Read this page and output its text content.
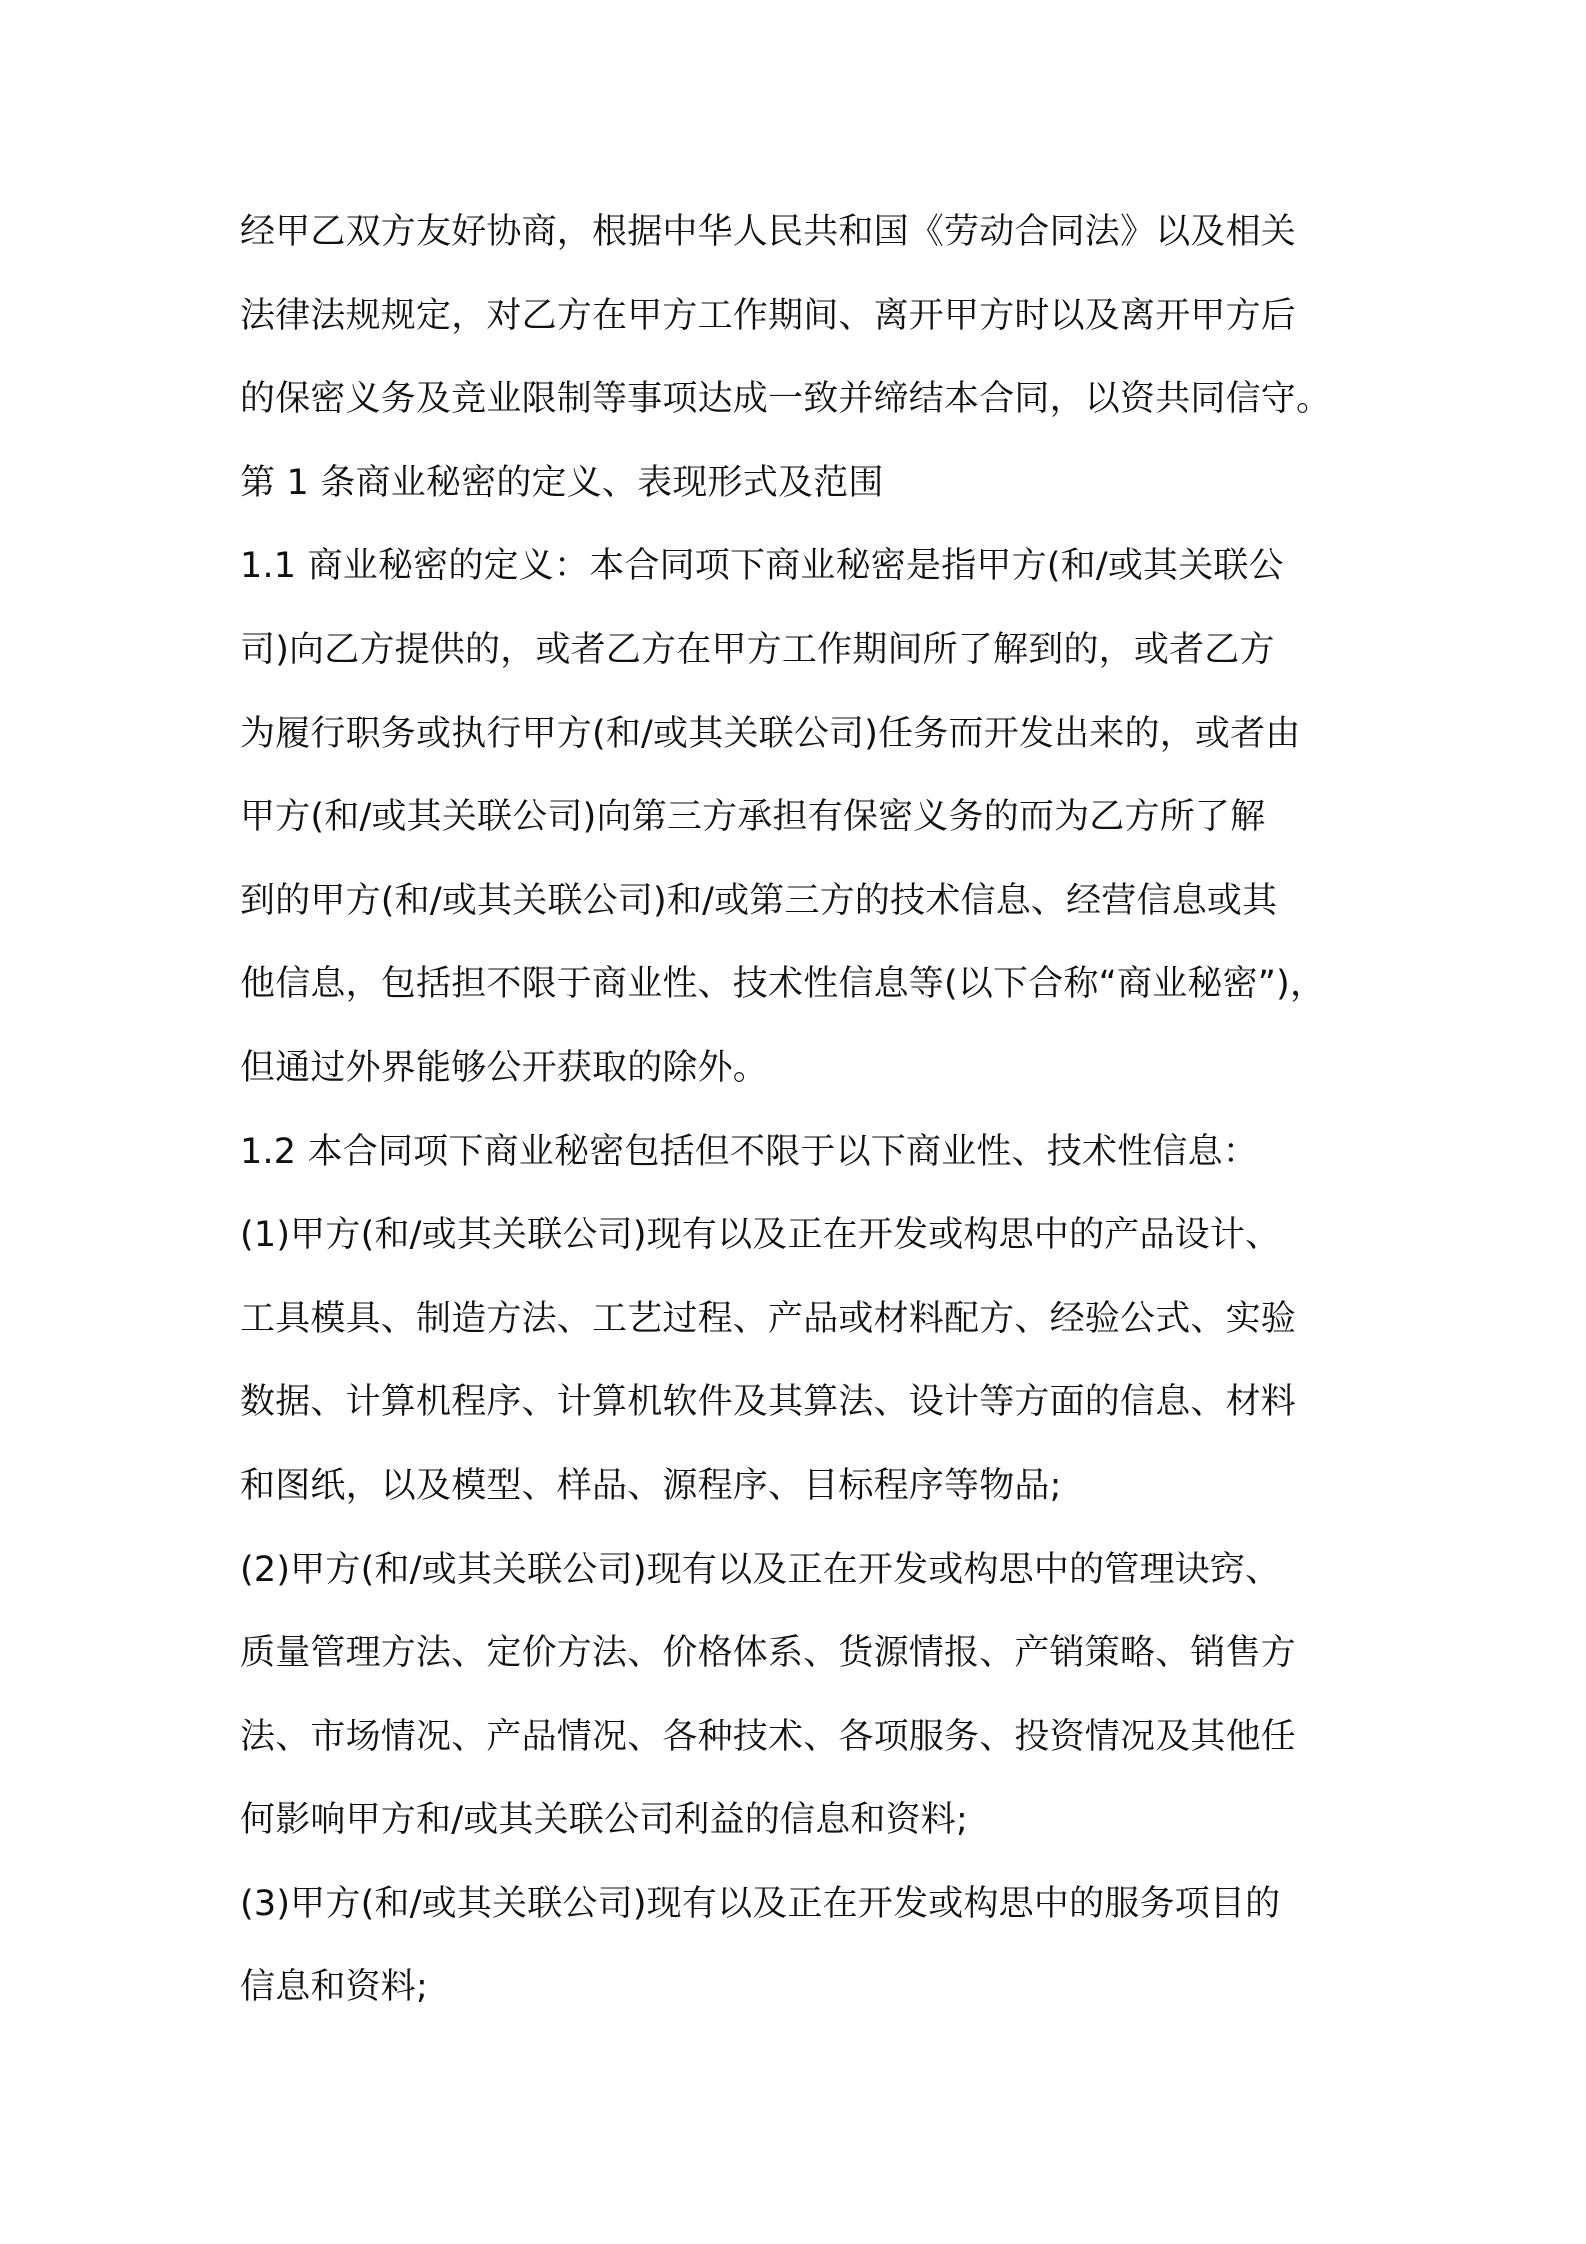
经甲乙双方友好协商，根据中华人民共和国《劳动合同法》以及相关
法律法规规定，对乙方在甲方工作期间、离开甲方时以及离开甲方后
的保密义务及竞业限制等事项达成一致并缔结本合同，以资共同信守。
第 1 条商业秘密的定义、表现形式及范围
1.1 商业秘密的定义：本合同项下商业秘密是指甲方(和/或其关联公
司)向乙方提供的，或者乙方在甲方工作期间所了解到的，或者乙方
为履行职务或执行甲方(和/或其关联公司)任务而开发出来的，或者由
甲方(和/或其关联公司)向第三方承担有保密义务的而为乙方所了解
到的甲方(和/或其关联公司)和/或第三方的技术信息、经营信息或其
他信息，包括担不限于商业性、技术性信息等(以下合称“商业秘密”)，
但通过外界能够公开获取的除外。
1.2 本合同项下商业秘密包括但不限于以下商业性、技术性信息：
(1)甲方(和/或其关联公司)现有以及正在开发或构思中的产品设计、
工具模具、制造方法、工艺过程、产品或材料配方、经验公式、实验
数据、计算机程序、计算机软件及其算法、设计等方面的信息、材料
和图纸，以及模型、样品、源程序、目标程序等物品;
(2)甲方(和/或其关联公司)现有以及正在开发或构思中的管理诀窍、
质量管理方法、定价方法、价格体系、货源情报、产销策略、销售方
法、市场情况、产品情况、各种技术、各项服务、投资情况及其他任
何影响甲方和/或其关联公司利益的信息和资料;
(3)甲方(和/或其关联公司)现有以及正在开发或构思中的服务项目的
信息和资料;
